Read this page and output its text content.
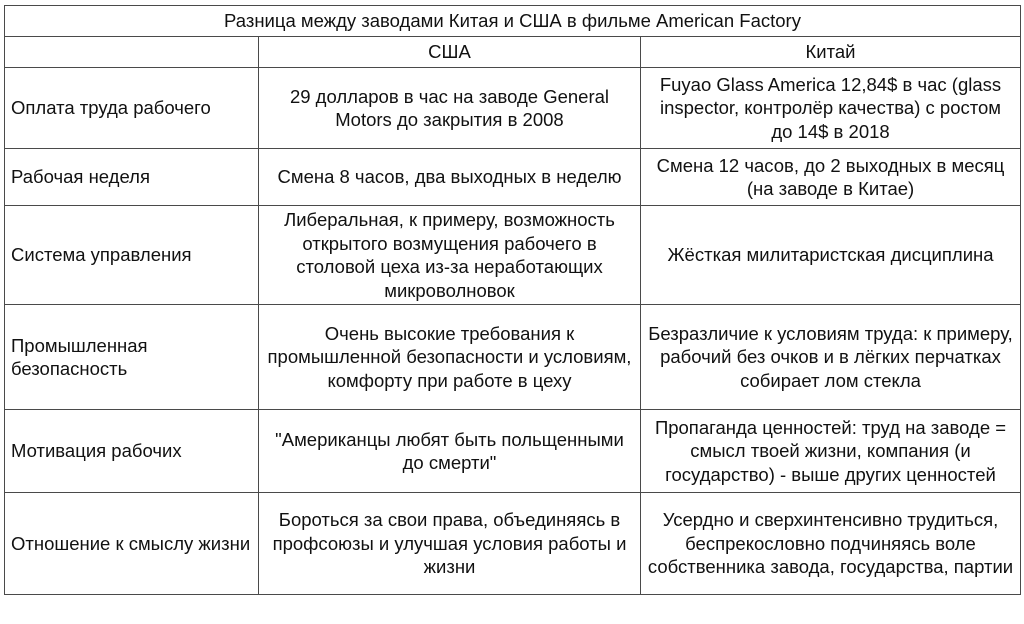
Разница между заводами Китая и США в фильме American Factory		
	США	Китай
Оплата труда рабочего	29 долларов в час на заводе General Motors до закрытия в 2008	Fuyao Glass America 12,84$ в час (glass inspector, контролёр качества) с ростом до 14$ в 2018
Рабочая неделя	Смена 8 часов, два выходных в неделю	Смена 12 часов, до 2 выходных в месяц (на заводе в Китае)
Система управления	Либеральная, к примеру, возможность открытого возмущения рабочего в столовой цеха из-за неработающих микроволновок	Жёсткая милитаристская дисциплина
Промышленная безопасность	Очень высокие требования к промышленной безопасности и условиям, комфорту при работе в цеху	Безразличие к условиям труда: к примеру, рабочий без очков и в лёгких перчатках собирает лом стекла
Мотивация рабочих	"Американцы любят быть польщенными до смерти"	Пропаганда ценностей: труд на заводе = смысл твоей жизни, компания (и государство) - выше других ценностей
Отношение к смыслу жизни	Бороться за свои права, объединяясь в профсоюзы и улучшая условия работы и жизни	Усердно и сверхинтенсивно трудиться, беспрекословно подчиняясь воле собственника завода, государства, партии
